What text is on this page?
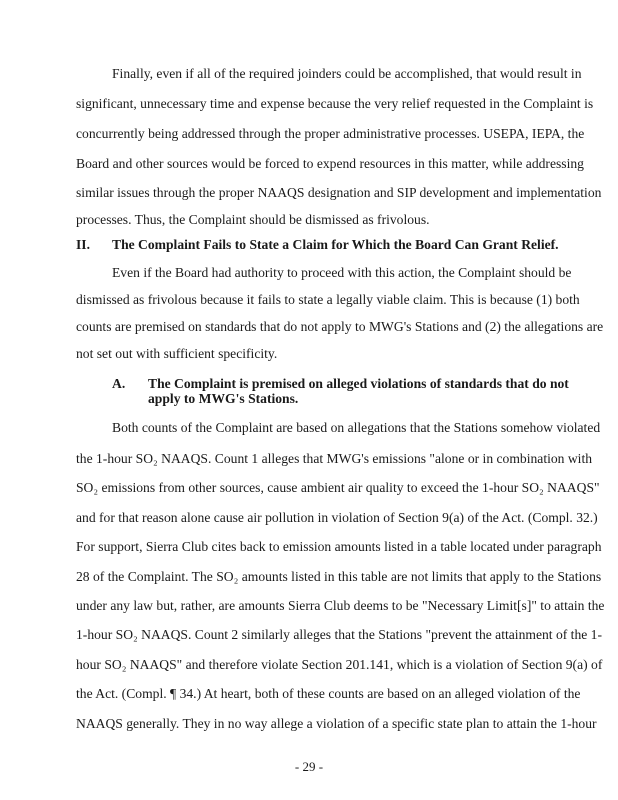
Finally, even if all of the required joinders could be accomplished, that would result in
significant, unnecessary time and expense because the very relief requested in the Complaint is
concurrently being addressed through the proper administrative processes. USEPA, IEPA, the
Board and other sources would be forced to expend resources in this matter, while addressing
similar issues through the proper NAAQS designation and SIP development and implementation
processes. Thus, the Complaint should be dismissed as frivolous.
II. The Complaint Fails to State a Claim for Which the Board Can Grant Relief.
Even if the Board had authority to proceed with this action, the Complaint should be
dismissed as frivolous because it fails to state a legally viable claim. This is because (1) both
counts are premised on standards that do not apply to MWG's Stations and (2) the allegations are
not set out with sufficient specificity.
A. The Complaint is premised on alleged violations of standards that do not
apply to MWG's Stations.
Both counts of the Complaint are based on allegations that the Stations somehow violated
the 1-hour SO₂ NAAQS. Count 1 alleges that MWG's emissions "alone or in combination with
SO₂ emissions from other sources, cause ambient air quality to exceed the 1-hour SO₂ NAAQS"
and for that reason alone cause air pollution in violation of Section 9(a) of the Act. (Compl. 32.)
For support, Sierra Club cites back to emission amounts listed in a table located under paragraph
28 of the Complaint. The SO₂ amounts listed in this table are not limits that apply to the Stations
under any law but, rather, are amounts Sierra Club deems to be "Necessary Limit[s]" to attain the
1-hour SO₂ NAAQS. Count 2 similarly alleges that the Stations "prevent the attainment of the 1-
hour SO₂ NAAQS" and therefore violate Section 201.141, which is a violation of Section 9(a) of
the Act. (Compl. ¶ 34.) At heart, both of these counts are based on an alleged violation of the
NAAQS generally. They in no way allege a violation of a specific state plan to attain the 1-hour
- 29 -
